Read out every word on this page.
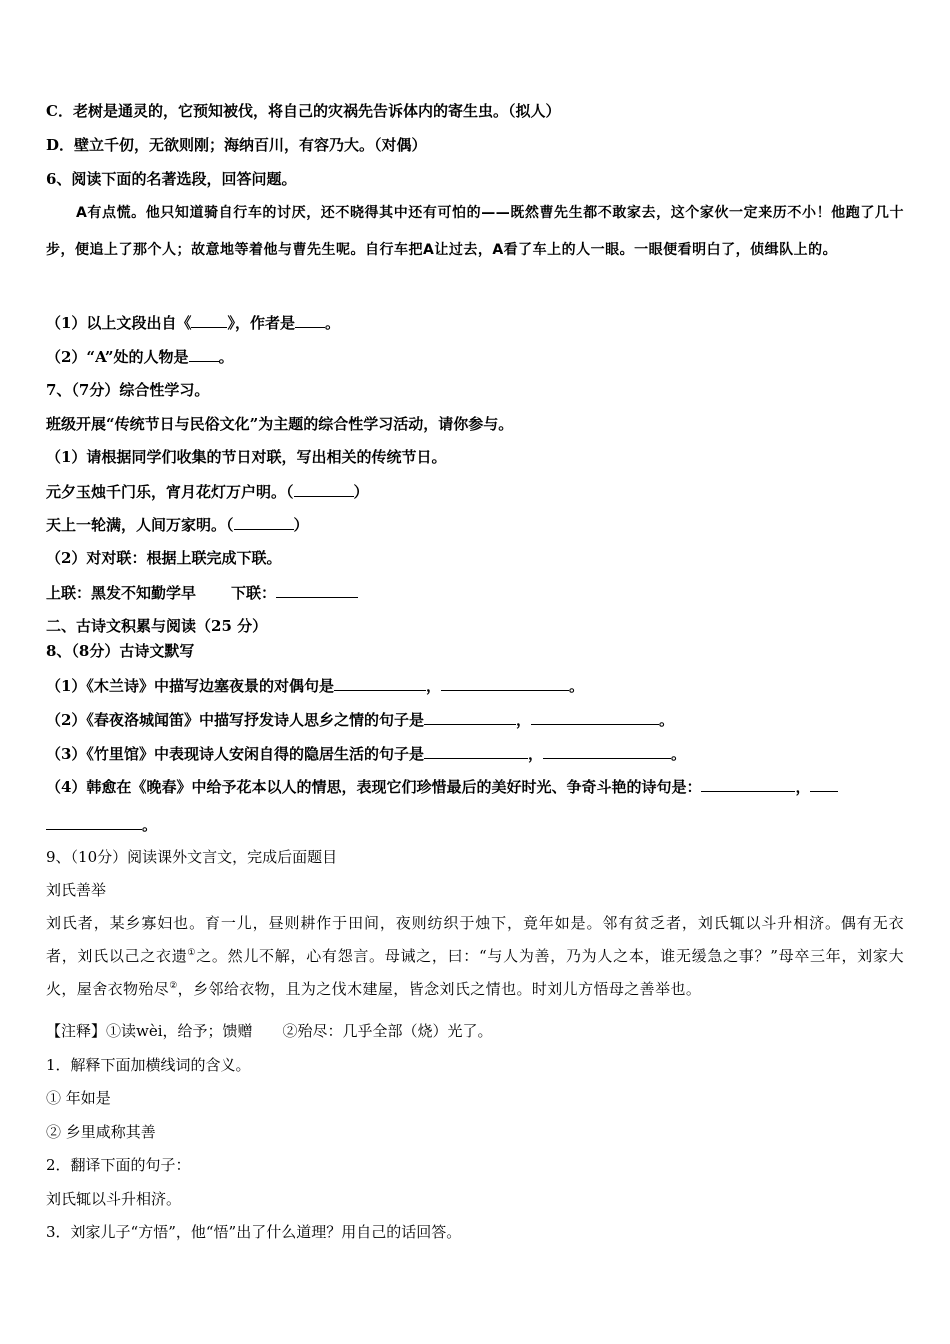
C．老树是通灵的，它预知被伐，将自己的灾祸先告诉体内的寄生虫。（拟人）
D．壁立千仞，无欲则刚；海纳百川，有容乃大。（对偶）
6、阅读下面的名著选段，回答问题。
A有点慌。他只知道骑自行车的讨厌，还不晓得其中还有可怕的——既然曹先生都不敢家去，这个家伙一定来历不小！他跑了几十步，便追上了那个人；故意地等着他与曹先生呢。自行车把A让过去，A看了车上的人一眼。一眼便看明白了，侦缉队上的。
（1）以上文段出自《 》，作者是 。
（2）“A”处的人物是 。
7、（7分）综合性学习。
班级开展“传统节日与民俗文化”为主题的综合性学习活动，请你参与。
（1）请根据同学们收集的节日对联，写出相关的传统节日。
元夕玉烛千门乐，宵月花灯万户明。（	）
天上一轮满，人间万家明。（	）
（2）对对联：根据上联完成下联。
上联：黑发不知勤学早 下联：
二、古诗文积累与阅读（25 分）
8、（8分）古诗文默写
（1）《木兰诗》中描写边塞夜景的对偶句是	，	。
（2）《春夜洛城闻笛》中描写抒发诗人思乡之情的句子是	，	。
（3）《竹里馆》中表现诗人安闲自得的隐居生活的句子是	，	。
（4）韩愈在《晚春》中给予花本以人的情思，表现它们珍惜最后的美好时光、争奇斗艳的诗句是：	，
。
9、（10分）阅读课外文言文，完成后面题目
刘氏善举
刘氏者，某乡寡妇也。育一儿，昼则耕作于田间，夜则纺织于烛下，竟年如是。邻有贫乏者，刘氏辄以斗升相济。偶有无衣者，刘氏以己之衣遗①之。然儿不解，心有怨言。母诫之，曰：“与人为善，乃为人之本，谁无缓急之事？”母卒三年，刘家大火，屋舍衣物殆尽②，乡邻给衣物，且为之伐木建屋，皆念刘氏之情也。时刘儿方悟母之善举也。
【注释】①读wèi，给予；馈赠　　②殆尽：几乎全部（烧）光了。
1．解释下面加横线词的含义。
① 年如是
② 乡里咸称其善
2．翻译下面的句子：
刘氏辄以斗升相济。
3．刘家儿子“方悟”，他“悟”出了什么道理？用自己的话回答。
